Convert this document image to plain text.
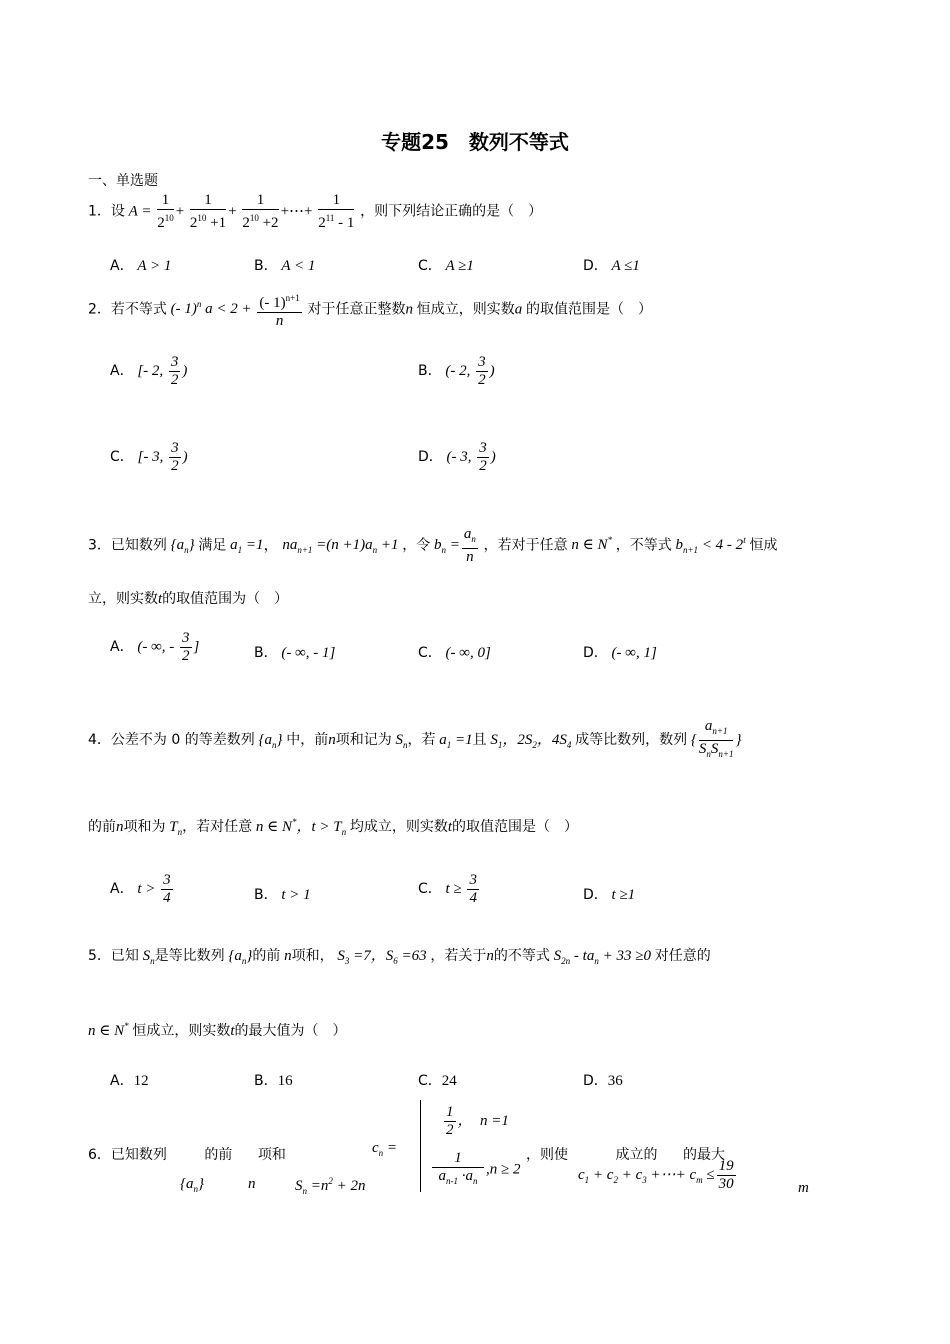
专题25　数列不等式
一、单选题
1．设 $A = \frac{1}{2^{10}} + \frac{1}{2^{10} +1} + \frac{1}{2^{10} +2}$ +⋯+ $\frac{1}{2^{11} - 1}$ ，则下列结论正确的是（　）
A． A > 1	B． A < 1	C． A ≥1	D． A ≤1
2．若不等式 (- 1)$^n$ $a < 2 + \frac{(- 1)^{n+1}}{n}$ 对于任意正整数n 恒成立，则实数a 的取值范围是（　）
A． [- 2, $\frac{3}{2}$ )	B． (- 2, $\frac{3}{2}$ )
C． [- 3, $\frac{3}{2}$ )	D． (- 3, $\frac{3}{2}$ )
3．已知数列 $\{a_n\}$ 满足 $a_1 =1$， $na_{n+1} =(n +1)a_n +1$ ，令 $b_n = \frac{a_n}{n}$ ，若对于任意 n ∈ N* ，不等式 $b_{n+1} < 4 - 2^t$ 恒成
立，则实数t的取值范围为（　）
A． (- ∞, - $\frac{3}{2}$ ]	B． (- ∞, - 1]	C． (- ∞, 0]	D． (- ∞, 1]
4．公差不为 0 的等差数列 $\{a_n\}$ 中，前n项和记为 $S_n$，若 $a_1 =1$且 $S_1$，$2S_2$，$4S_4$ 成等比数列，数列 { $\frac{a_{n+1}}{S_nS_{n+1}}$ }
的前n项和为 $T_n$，若对任意 n ∈ N*，$t > T_n$ 均成立，则实数t的取值范围是（　）
A． $t > \frac{3}{4}$	B． t > 1	C． $t \ge \frac{3}{4}$	D． t ≥1
5．已知 $S_n$是等比数列 $\{a_n\}$的前 n项和， $S_3 =7$，$S_6 =63$ ，若关于n的不等式 $S_{2n} - ta_n + 33 \ge 0$ 对任意的
n ∈ N* 恒成立，则实数t的最大值为（　）
A．12	B．16	C．24	D．36
6．已知数列	的前 项和
$\{a_n\}$	n	$S_n =n^2 + 2n$
$c_n$ =
$\frac{1}{2}$ ，  n =1
$\frac{1}{a_{n-1} \cdot a_n} ,n \ge 2$
，则使	成立的 的最大
$c_1 + c_2 + c_3$ +⋯+ $c_m \le \frac{19}{30}$	m
